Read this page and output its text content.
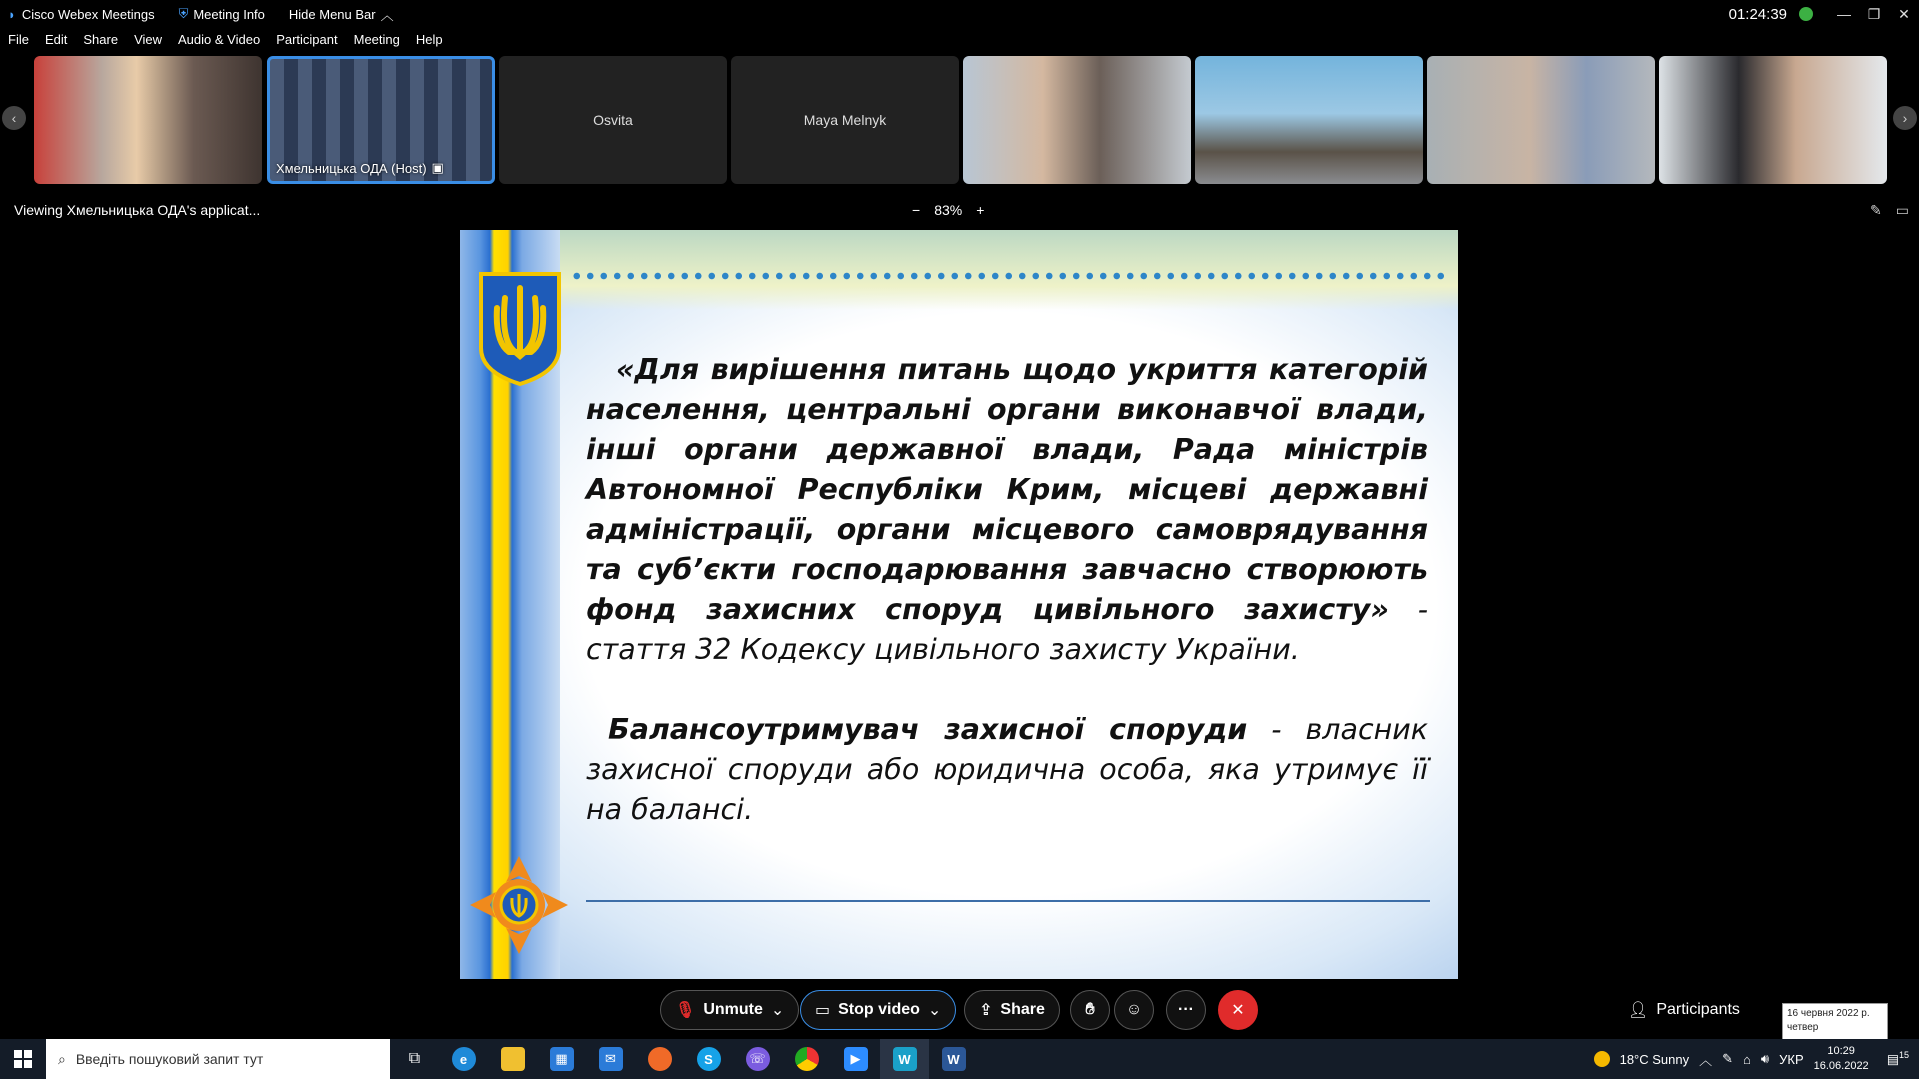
◗ Cisco Webex Meetings ⛨ Meeting Info Hide Menu Bar ︿	01:24:39	—	❐	✕
File	Edit	Share	View	Audio & Video	Participant	Meeting	Help
‹
Хмельницька ОДА (Host) ▣
Osvita	Maya Melnyk	›
Viewing Хмельницька ОДА's applicat...	− 83% +	✎ ▭

«Для вирішення питань щодо укриття категорій населення, центральні органи виконавчої влади, інші органи державної влади, Рада міністрів Автономної Республіки Крим, місцеві державні адміністрації, органи місцевого самоврядування та суб’єкти господарювання завчасно створюють фонд захисних споруд цивільного захисту» - стаття 32 Кодексу цивільного захисту України.

Балансоутримувач захисної споруди - власник захисної споруди або юридична особа, яка утримує її на балансі.

🎙︎ Unmute ⌄ ▭ Stop video ⌄ ⇪ Share	✋︎ ☺ ··· ✕	👤︎ Participants	16 червня 2022 р.
четвер
⌕ Введіть пошуковий запит тут	⧉	e	▦	✉	S	☏	▶	W	W	18°C Sunny ︿ ✎ ⌂ 🔊︎ УКР
10:29
16.06.2022 ▤$^{15}$
